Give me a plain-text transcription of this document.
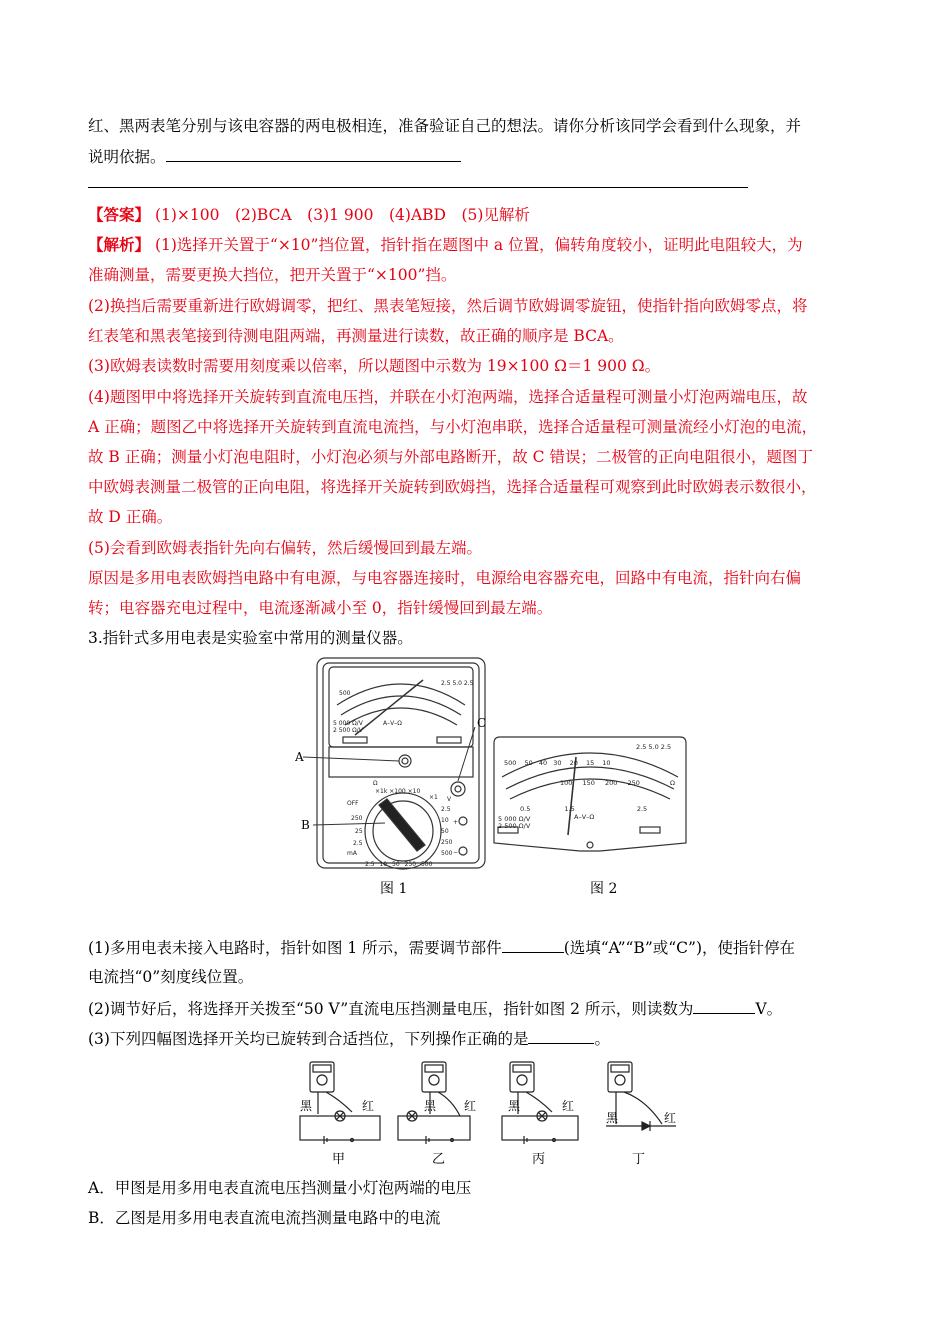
红、黑两表笔分别与该电容器的两电极相连，准备验证自己的想法。请你分析该同学会看到什么现象，并
说明依据。
【答案】 (1)×100　(2)BCA　(3)1 900　(4)ABD　(5)见解析
【解析】 (1)选择开关置于“×10”挡位置，指针指在题图中 a 位置，偏转角度较小，证明此电阻较大，为
准确测量，需要更换大挡位，把开关置于“×100”挡。
(2)换挡后需要重新进行欧姆调零，把红、黑表笔短接，然后调节欧姆调零旋钮，使指针指向欧姆零点，将
红表笔和黑表笔接到待测电阻两端，再测量进行读数，故正确的顺序是 BCA。
(3)欧姆表读数时需要用刻度乘以倍率，所以题图中示数为 19×100 Ω＝1 900 Ω。
(4)题图甲中将选择开关旋转到直流电压挡，并联在小灯泡两端，选择合适量程可测量小灯泡两端电压，故
A 正确；题图乙中将选择开关旋转到直流电流挡，与小灯泡串联，选择合适量程可测量流经小灯泡的电流，
故 B 正确；测量小灯泡电阻时，小灯泡必须与外部电路断开，故 C 错误；二极管的正向电阻很小，题图丁
中欧姆表测量二极管的正向电阻，将选择开关旋转到欧姆挡，选择合适量程可观察到此时欧姆表示数很小，
故 D 正确。
(5)会看到欧姆表指针先向右偏转，然后缓慢回到最左端。
原因是多用电表欧姆挡电路中有电源，与电容器连接时，电源给电容器充电，回路中有电流，指针向右偏
转；电容器充电过程中，电流逐渐减小至 0，指针缓慢回到最左端。
3.指针式多用电表是实验室中常用的测量仪器。
500
A–V–Ω
5 000 Ω/V
2 500 Ω/V
2.5 5.0 2.5
Ω
×1k ×100 ×10
×1
OFF
250
25
2.5
mA
2.5 10 50 250 500
2.5
10
50
250
500
V
+
−
A
B
C
图 1
500 50 40 30 20 15 10
2.5 5.0 2.5
100 150 200 250
0.5	1.5	2.5
A–V–Ω
5 000 Ω/V
2 500 Ω/V
Ω
图 2
(1)多用电表未接入电路时，指针如图 1 所示，需要调节部件	(选填“A”“B”或“C”)，使指针停在
电流挡“0”刻度线位置。
(2)调节好后，将选择开关拨至“50 V”直流电压挡测量电压，指针如图 2 所示，则读数为	V。
(3)下列四幅图选择开关均已旋转到合适挡位，下列操作正确的是	。
黑	红	黑 红	黑	红
黑	红
甲	乙	丙	丁
A．甲图是用多用电表直流电压挡测量小灯泡两端的电压
B．乙图是用多用电表直流电流挡测量电路中的电流
